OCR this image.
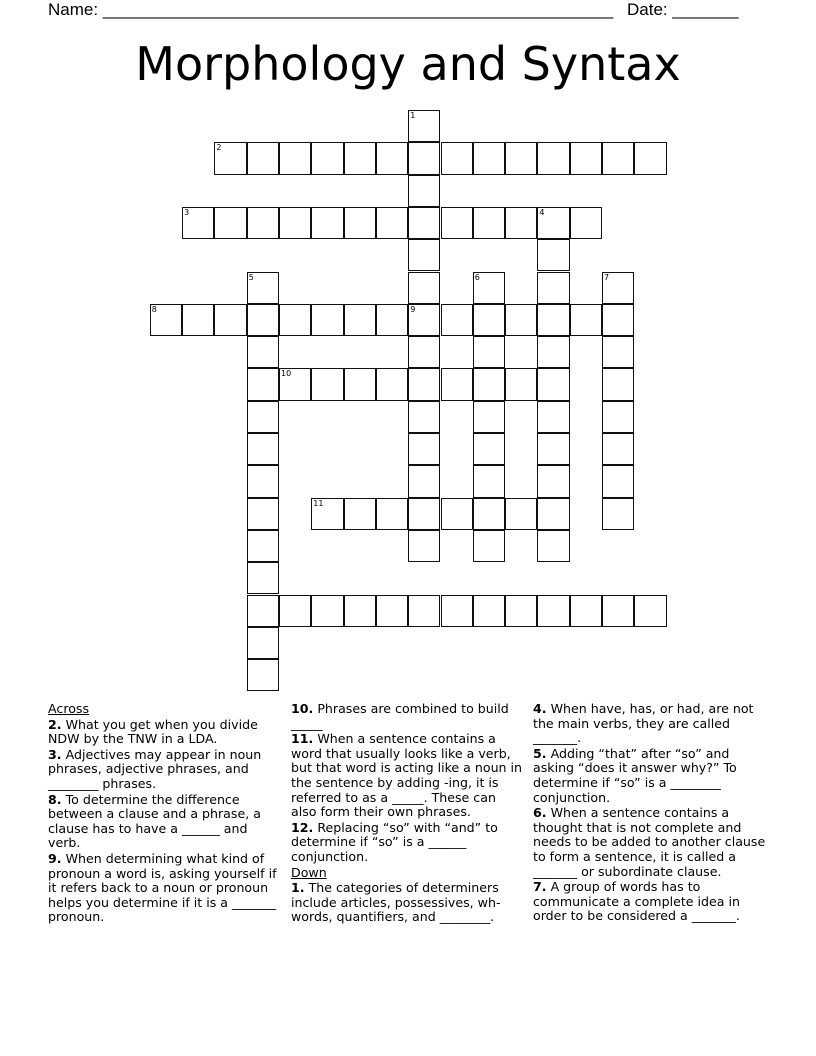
Name: ______________________________________________________ Date: _______
Morphology and Syntax
1
2
3	4
5	6	7
8	9
10
11
Across
2. What you get when you divide NDW by the TNW in a LDA.
3. Adjectives may appear in noun phrases, adjective phrases, and ________ phrases.
8. To determine the difference between a clause and a phrase, a clause has to have a ______ and verb.
9. When determining what kind of pronoun a word is, asking yourself if it refers back to a noun or pronoun helps you determine if it is a _______ pronoun.
10. Phrases are combined to build _____
11. When a sentence contains a word that usually looks like a verb, but that word is acting like a noun in the sentence by adding -ing, it is referred to as a _____. These can also form their own phrases.
12. Replacing “so” with “and” to determine if “so” is a ______ conjunction.
Down
1. The categories of determiners include articles, possessives, wh-words, quantifiers, and ________.
4. When have, has, or had, are not the main verbs, they are called _______.
5. Adding “that” after “so” and asking “does it answer why?” To determine if “so” is a ________ conjunction.
6. When a sentence contains a thought that is not complete and needs to be added to another clause to form a sentence, it is called a _______ or subordinate clause.
7. A group of words has to communicate a complete idea in order to be considered a _______.
